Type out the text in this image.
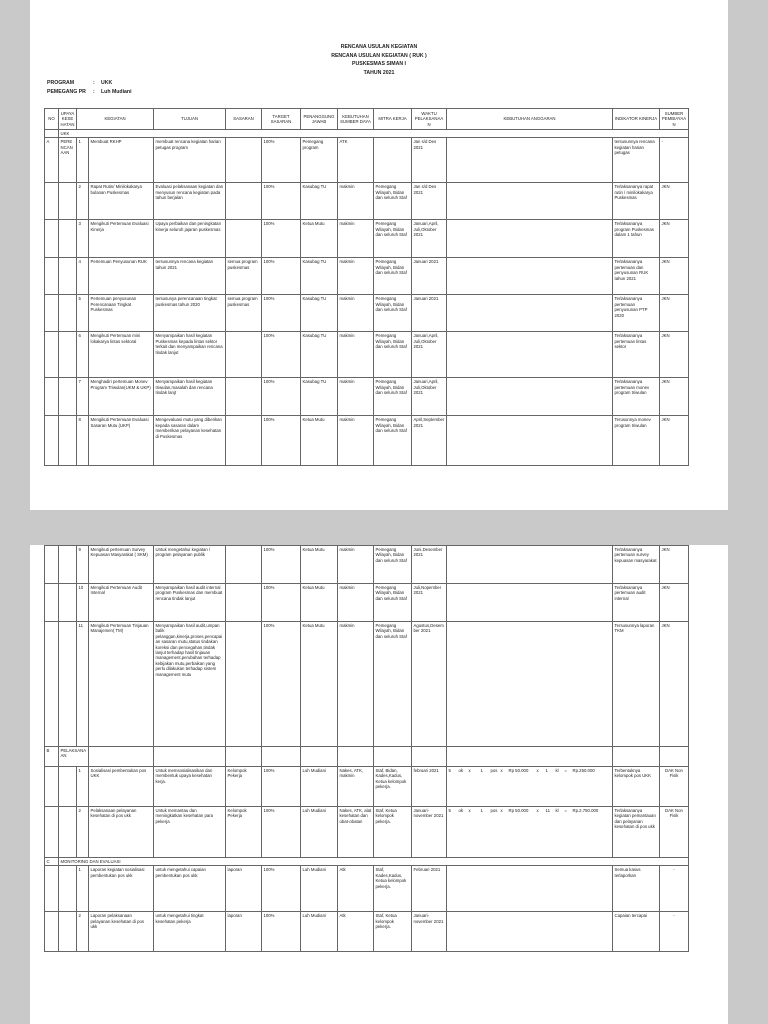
RENCANA USULAN KEGIATAN
RENCANA USULAN KEGIATAN ( RUK )
PUSKESMAS SIMAN I
TAHUN 2021
PROGRAM	: UKK
PEMEGANG PR : Luh Mudiani
NO	UPAYA KESEHATAN	KEGIATAN		TUJUAN	SASARAN	TARGET SASARAN	PENANGGUNG JAWAB	KEBUTUHAN SUMBER DAYA	MITRA KERJA	WAKTU PELAKSANAAN	KEBUTUHAN ANGGARAN	INDIKATOR KINERJA	SUMBER PEMBIAYAAN
	UKK												
A	PERENCANAAN	1	Membuat RKHP	membuat rencana kegiatan harian petugas program		100%	Pemegang program	ATK		Jan s/d Des 2021		tersusunnya rencana kegiatan harian petugas	-
		2	Rapat Rutin/ Minilokakarya bulanan Puskesmas	Evaluasi pelaksanaan kegiatan dan menyusun rencana kegiatan pada tahun berjalan		100%	Kasubag TU	makmin	Pemegang Wilayah, Bidan dan seluruh Staf	Jan s/d Des 2021		Terlaksananya rapat rutin / minilokakarya Puskesmas	JKN
		3	Mengikuti Pertemuan Evaluasi Kinerja	Upaya perbaikan dan peningkatan kinerja seluruh jajaran puskesmas		100%	Ketua Mutu	makmin	Pemegang Wilayah, Bidan dan seluruh Staf	Januari,April, Juli,Oktober 2021		Terlaksananya program Puskesmas dalam 1 tahun	JKN
		4	Pertemuan Penyusunan RUK	tersusunnya rencana kegiatan tahun 2021	semua program puskesmas	100%	Kasubag TU	makmin	Pemegang Wilayah, Bidan dan seluruh Staf	Januari 2021		Terlaksananya pertemuan dan penyusunan RUK tahun 2021	JKN
		5	Pertemuan penyusunan Perencanaan Tingkat Puskesmas	tersusunya perencanaan tingkat puskesmas tahun 2020	semua program puskesmas	100%	Kasubag TU	makmin	Pemegang Wilayah, Bidan dan seluruh Staf	Januari 2021		Terlaksananya pertemuan penyusunan PTP 2020	JKN
		6	Mengikuti Pertemuan mini lokakarya lintas sektoral	Menyampaikan hasil kegiatan Puskesmas kepada lintas sektor terkait dan menyampaikan rencana tindak lanjut		100%	Kasubag TU	makmin	Pemegang Wilayah, Bidan dan seluruh Staf	Januari,April, Juli,Oktober 2021		Terlaksananya pertemuan lintas sektor	JKN
		7	Menghadiri pertemuan Monev Program Triwulan(UKM & UKP)	Menyampaikan hasil kegiatan triwulan,masalah dan rencana tindak lanjt		100%	Kasubag TU	makmin	Pemegang Wilayah, Bidan dan seluruh Staf	Januari,April, Juli,Oktober 2021		Terlaksananya pertemuan monev program triwulan	JKN
		8	Mengikuti Pertemuan Evaluasi Sasaran Mutu (UKP)	Mengevaluasi mutu yang diberikan kepada sasaran dalam memberikan pelayanan kesehatan di Puskesmas		100%	Ketua Mutu	makmin	Pemegang Wilayah, Bidan dan seluruh Staf	April,September 2021		Terusunnya monev program triwulan	JKN
		9	Mengikuti pertemuan Survey Kepuasan Masyarakat ( SKM)	Untuk mengetahui kegiatan / program pelayanan publik		100%	Ketua Mutu	makmin	Pemegang Wilayah, Bidan dan seluruh Staf	Juni,Desember 2021		Terlaksananya pertemuan survey kepuasan masyarakat	JKN
		10	Mengikuti Pertemuan Audit Internal	Menyampaikan hasil audit internal program Puskesmas dan membuat rencana tindak lanjut		100%	Ketua Mutu	makmin	Pemegang Wilayah, Bidan dan seluruh Staf	Juli,Nopember 2021		Terlaksananya pertemuan audit internal	JKN
		11	Mengikuti Pertemuan Tinjauan Manajemen( TM)	Menyampaikan hasil audit,umpan balik pelanggan,kinerja,proses,pencapaian sasaran mutu,status tindakan koreksi dan pencegahan,tindak lanjut terhadap hasil tinjauan management,perubahan terhadap kebijakan mutu,perbaikan yang perlu dilakukan terhadap sistem management mutu		100%	Ketua Mutu	makmin	Pemegang Wilayah, Bidan dan seluruh Staf	Agustus,Desember 2021		Tersusunnya laporan TKM	JKN
B	PELAKSANAAN												
		1	Sosialisasi pembentukan pos UKK	Untuk memsosialisasikan dan membentuk upaya kesehatan kerja.	Kelompok Pekerja	100%	Luh Mudiani	Nakes, ATK, makmin	Staf, Bidan, Kades,Kadus, Ketua kelompok pekerja.	februari 2021	5 ok x 1 pos x Rp 50.000 x 1 kl = Rp.250.000	Terbentuknya kelompok pos UKK	DAK Non Fisik
		2	Pelaksanaan pelayanan kesehatan di pos ukk	Untuk memantau dan meningkatkan kesehatan para pekerja	Kelompok Pekerja	100%	Luh Mudiani	Nakes, ATK, alat kesehatan dan obat-obatan	Staf, Ketua kelompok pekerja.	Januari-november 2021	5 ok x 1 pos x Rp 50.000 x 11 kl = Rp.2.750.000	Terlaksananya kegiatan pemantauan dan pelayanan kesehatan di pos ukk	DAK Non Fisik
C	MONITORING DAN EVALUASI												
		1	Laporan kegiatan sosialisasi pembentukan pos ukk	untuk mengetahui capaian pembentukan pos ukk	laporan	100%	Luh Mudiani	Atk	Staf, Kades,Kadus, Ketua kelompok pekerja.	Februari 2021		Semua kasus terlaporkan	-
		2	Laporan pelaksanaan pelayanan kesehatan di pos ukk	untuk mengetahui tingkat kesehatan pekerja	laporan	100%	Luh Mudiani	Atk	Staf, Ketua kelompok pekerja.	Januari-november 2021		Capaian tercapai	-
